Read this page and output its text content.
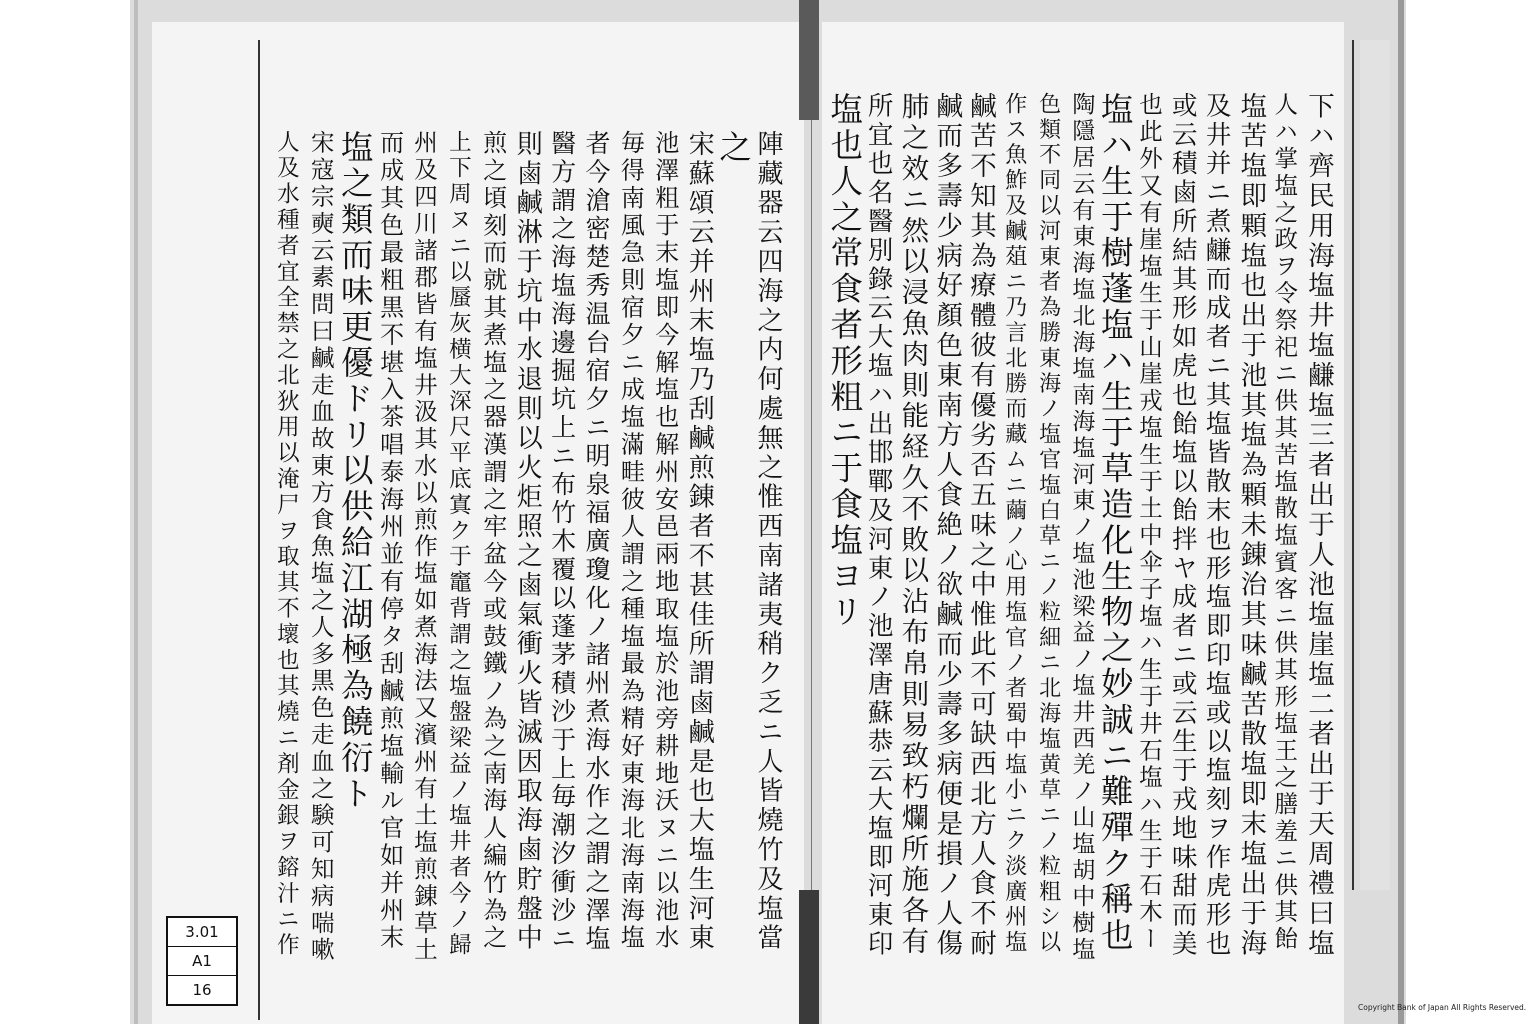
下ハ齊民用海塩井塩鹻塩三者出于人池塩崖塩二者出于天周禮曰塩
人ハ掌塩之政ヲ令祭祀ニ供其苦塩散塩賓客ニ供其形塩王之膳羞ニ供其飴
塩苦塩即顆塩也出于池其塩為顆未錬治其味鹹苦散塩即末塩出于海
及井并ニ煮鹻而成者ニ其塩皆散末也形塩即印塩或以塩刻ヲ作虎形也
或云積鹵所結其形如虎也飴塩以飴拌ヤ成者ニ或云生于戎地味甜而美
也此外又有崖塩生于山崖戎塩生于土中伞子塩ハ生于井石塩ハ生于石木ー
塩ハ生于樹蓬塩ハ生于草造化生物之妙誠ニ難殫ク稱也
陶隱居云有東海塩北海塩南海塩河東ノ塩池梁益ノ塩井西羌ノ山塩胡中樹塩
色類不同以河東者為勝東海ノ塩官塩白草ニノ粒細ニ北海塩黄草ニノ粒粗シ以
作ス魚鮓及鹹葅ニ乃言北勝而藏ムニ繭ノ心用塩官ノ者蜀中塩小ニク淡廣州塩
鹹苦不知其為療體彼有優劣否五味之中惟此不可缺西北方人食不耐
鹹而多壽少病好顏色東南方人食絶ノ欲鹹而少壽多病便是損ノ人傷
肺之效ニ然以浸魚肉則能経久不敗以沾布帛則易致朽爛所施各有
所宜也名醫別錄云大塩ハ出邯鄲及河東ノ池澤唐蘇恭云大塩即河東印
塩也人之常食者形粗ニ于食塩ヨリ
陣藏器云四海之内何處無之惟西南諸夷稍ク乏ニ人皆燒竹及塩當
之
宋蘇頌云并州末塩乃刮鹹煎錬者不甚佳所謂鹵鹹是也大塩生河東
池澤粗于末塩即今解塩也解州安邑兩地取塩於池旁耕地沃ヌニ以池水
毎得南風急則宿夕ニ成塩滿畦彼人謂之種塩最為精好東海北海南海塩
者今滄密楚秀温台宿夕ニ明泉福廣瓊化ノ諸州煮海水作之謂之澤塩
醫方謂之海塩海邊掘坑上ニ布竹木覆以蓬茅積沙于上毎潮汐衝沙ニ
則鹵鹹淋于坑中水退則以火炬照之鹵氣衝火皆滅因取海鹵貯盤中
煎之頃刻而就其煮塩之器漢謂之牢盆今或鼓鐵ノ為之南海人編竹為之
上下周ヌニ以蜃灰横大深尺平底寘ク于竈背謂之塩盤梁益ノ塩井者今ノ歸
州及四川諸郡皆有塩井汲其水以煎作塩如煮海法又濱州有土塩煎錬草土
而成其色最粗黒不堪入茶唱泰海州並有停タ刮鹹煎塩輸ル官如并州末
塩之類而味更優ドリ以供給江湖極為饒衍ト
宋寇宗奭云素問曰鹹走血故東方食魚塩之人多黒色走血之験可知病喘嗽
人及水種者宜全禁之北狄用以淹尸ヲ取其不壞也其燒ニ剤金銀ヲ鎔汁ニ作
3.01
A1
16
Copyright Bank of Japan All Rights Reserved.
